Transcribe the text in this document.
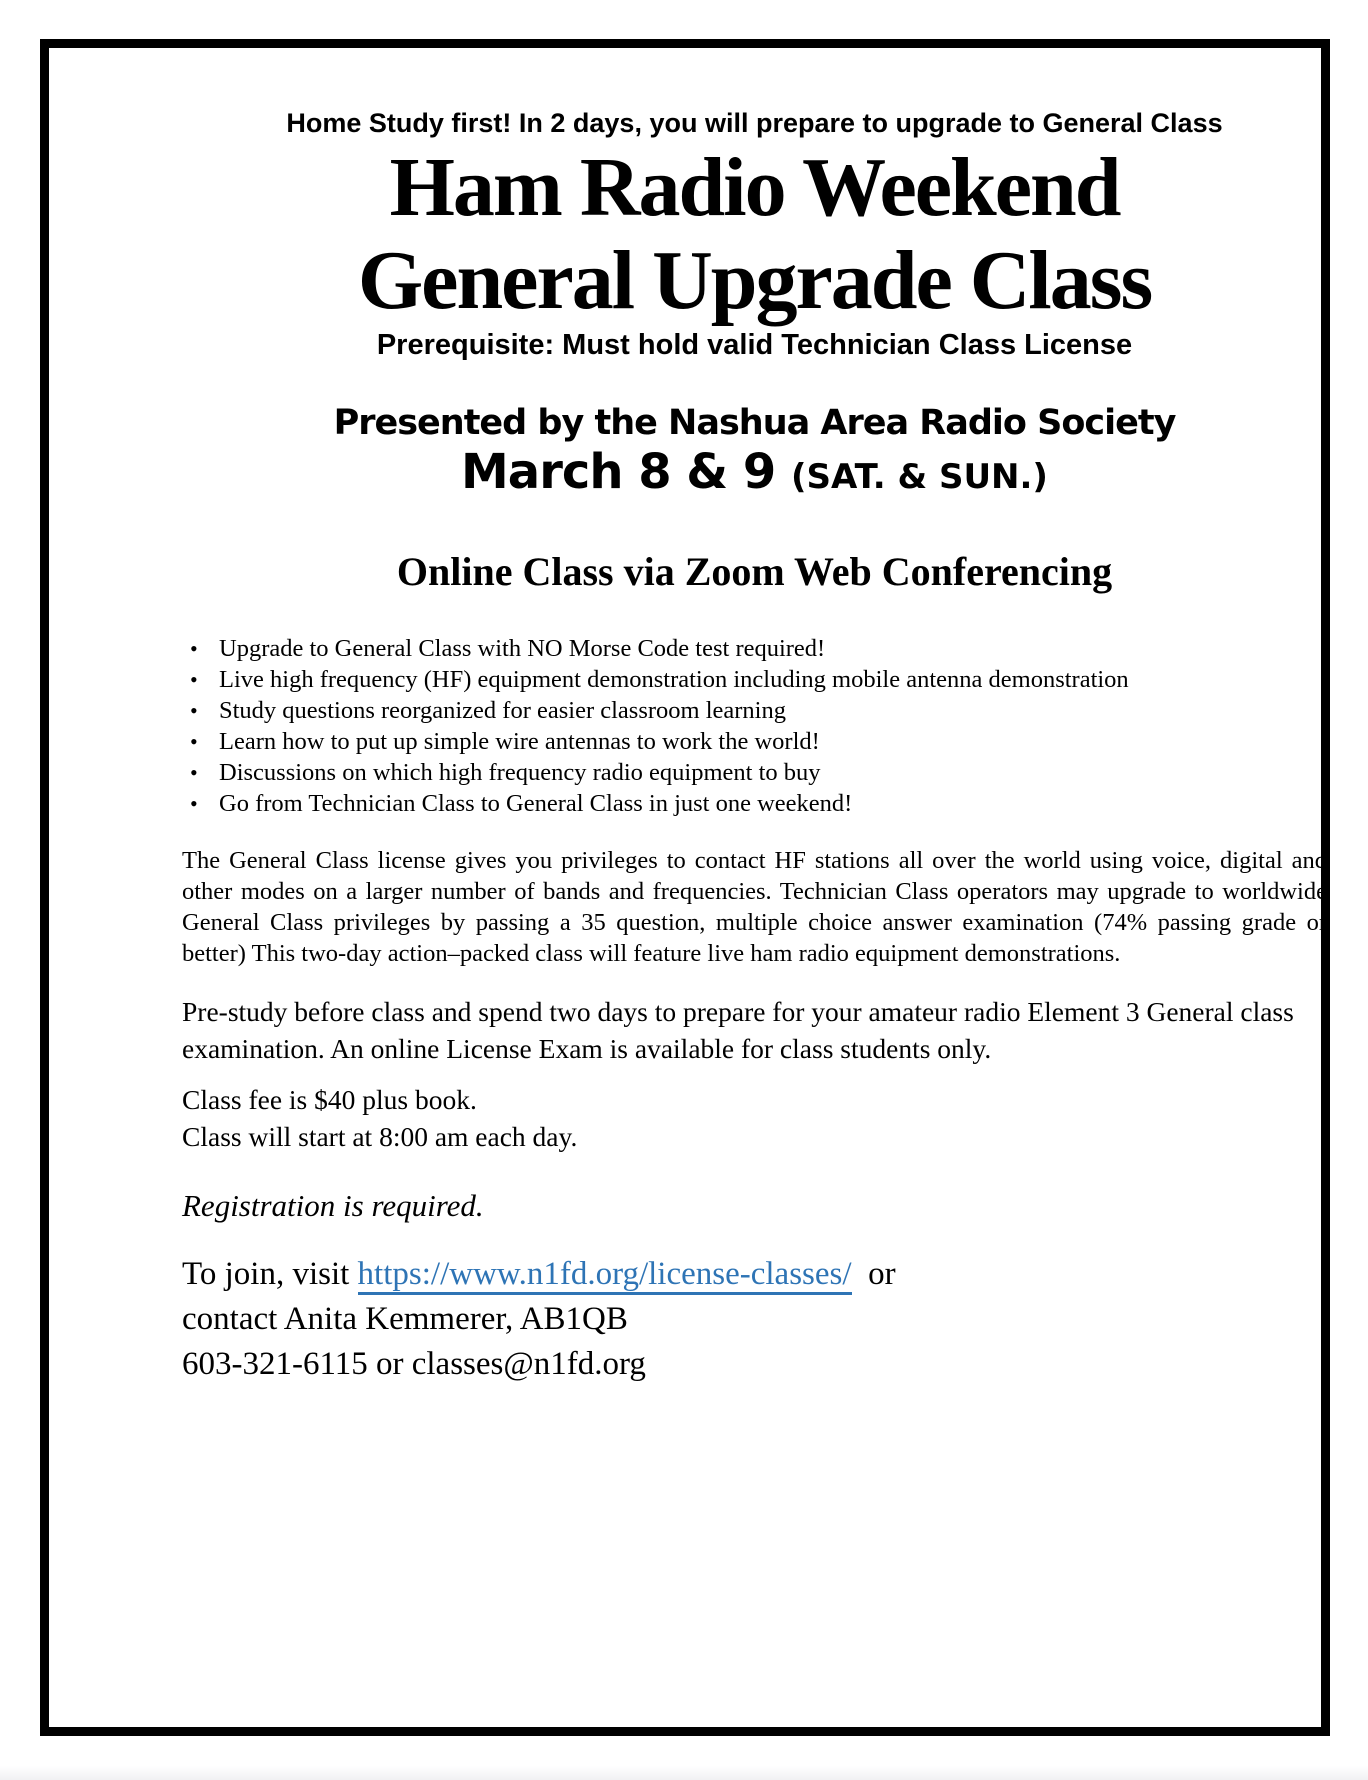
Home Study first! In 2 days, you will prepare to upgrade to General Class
Ham Radio Weekend
General Upgrade Class
Prerequisite: Must hold valid Technician Class License
Presented by the Nashua Area Radio Society
March 8 & 9 (SAT. & SUN.)
Online Class via Zoom Web Conferencing
• Upgrade to General Class with NO Morse Code test required!
• Live high frequency (HF) equipment demonstration including mobile antenna demonstration
• Study questions reorganized for easier classroom learning
• Learn how to put up simple wire antennas to work the world!
• Discussions on which high frequency radio equipment to buy
• Go from Technician Class to General Class in just one weekend!
The General Class license gives you privileges to contact HF stations all over the world using voice, digital and other modes on a larger number of bands and frequencies. Technician Class operators may upgrade to worldwide General Class privileges by passing a 35 question, multiple choice answer examination (74% passing grade or better) This two-day action–packed class will feature live ham radio equipment demonstrations.
Pre-study before class and spend two days to prepare for your amateur radio Element 3 General class examination. An online License Exam is available for class students only.
Class fee is $40 plus book.
Class will start at 8:00 am each day.
Registration is required.
To join, visit https://www.n1fd.org/license-classes/  or
contact Anita Kemmerer, AB1QB
603-321-6115 or classes@n1fd.org
